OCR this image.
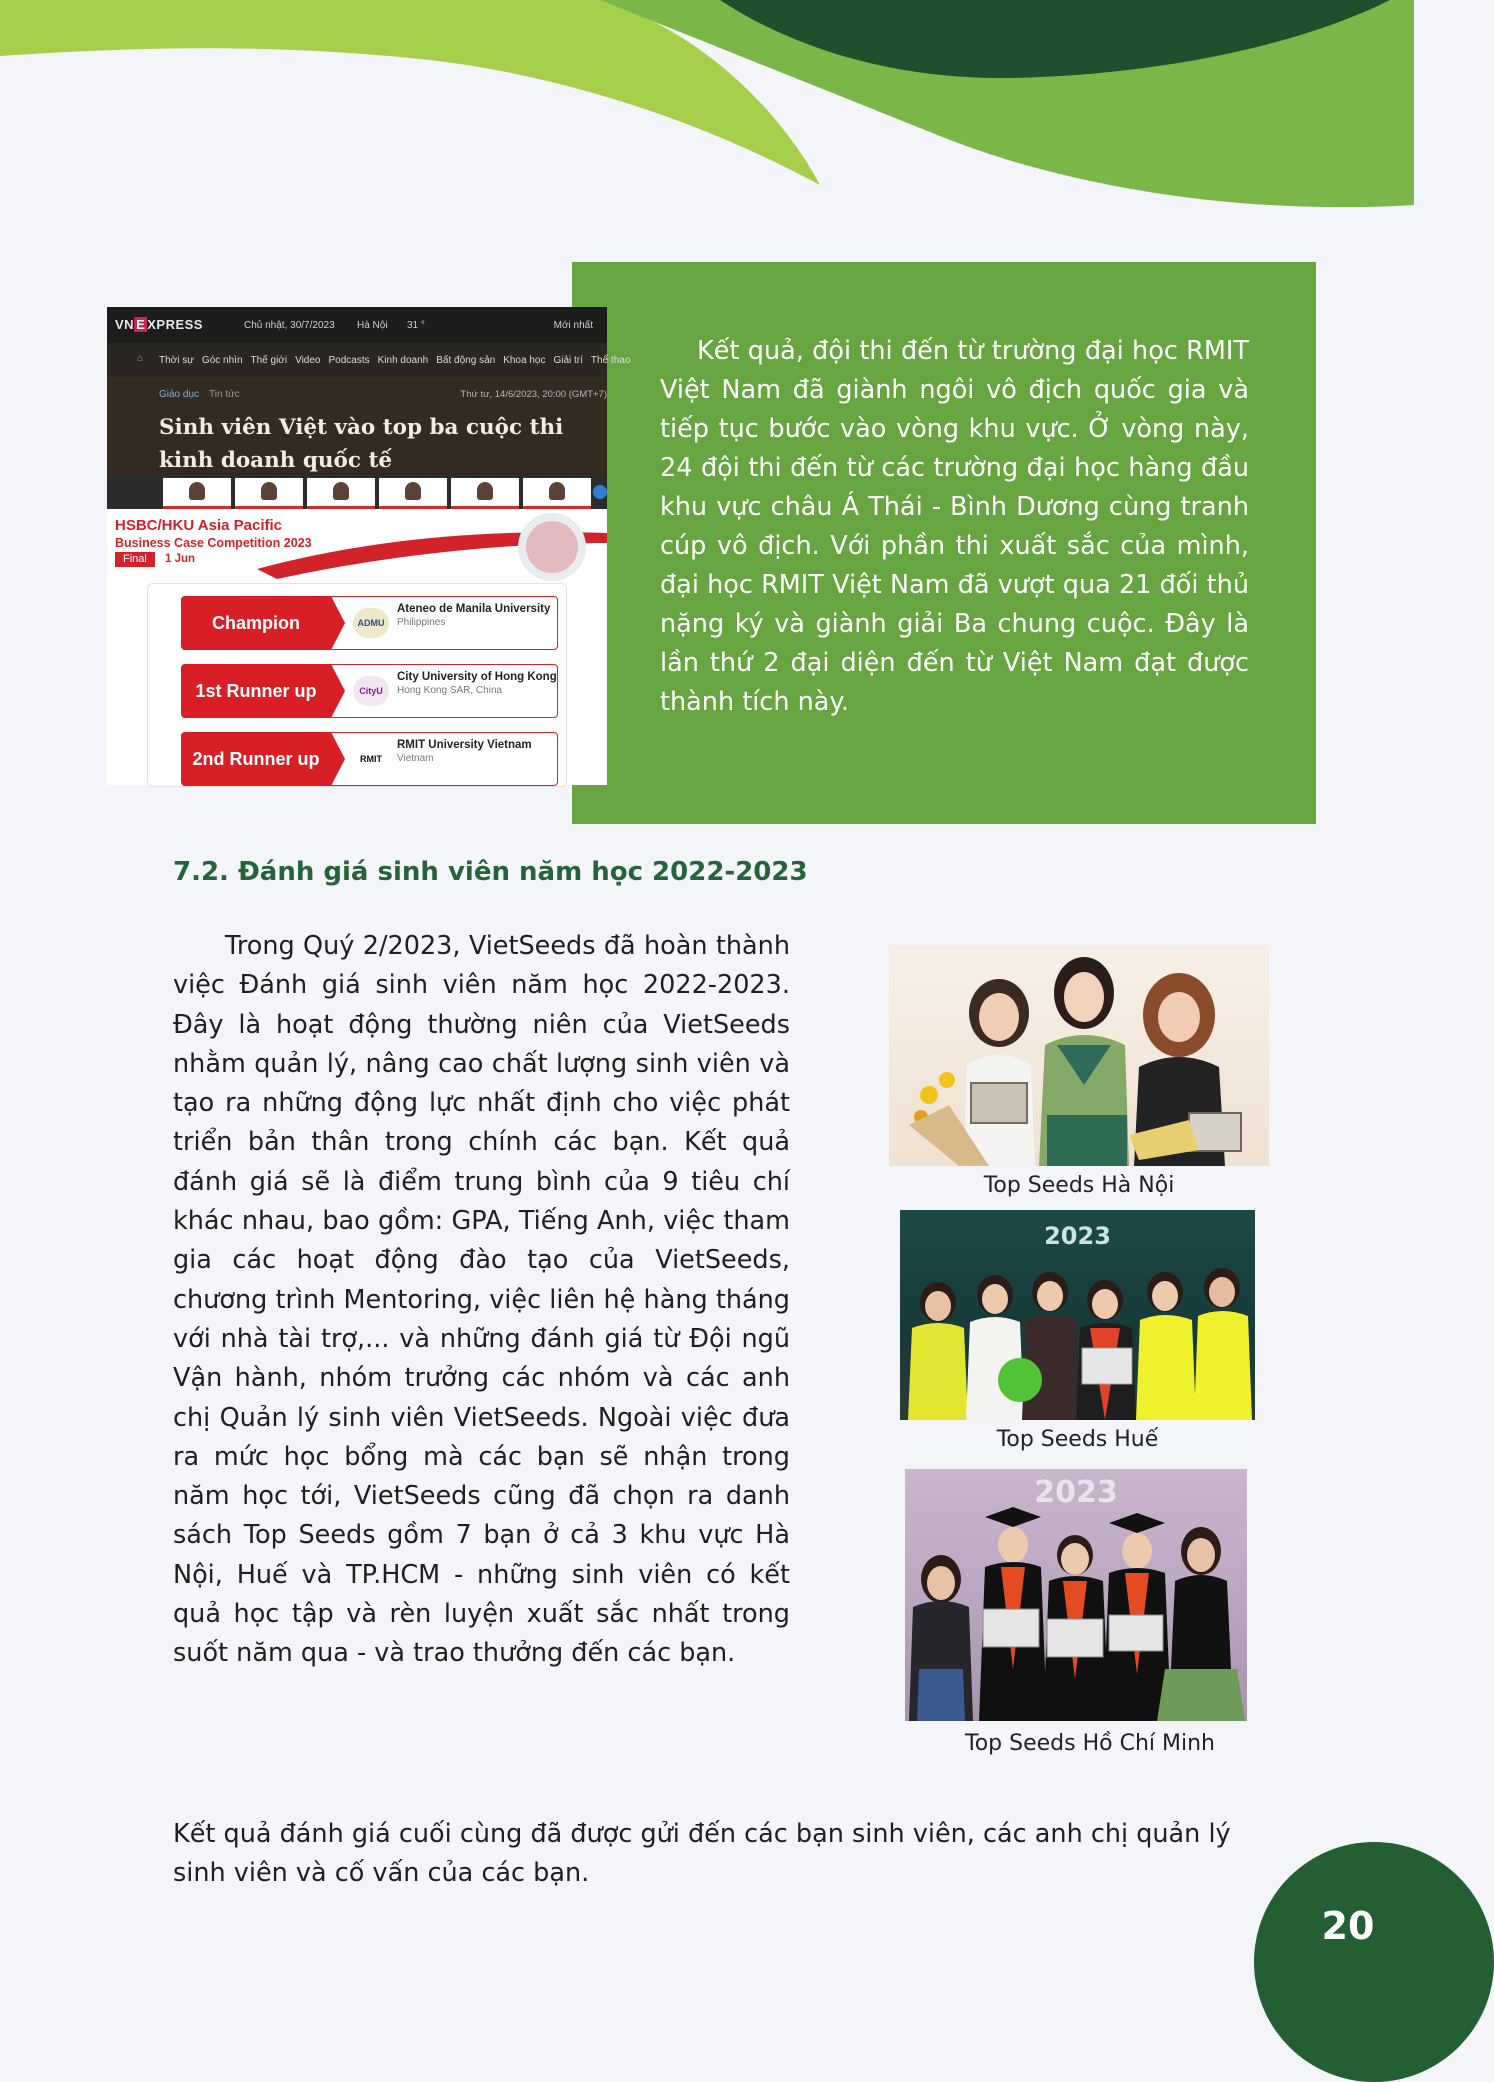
Kết quả, đội thi đến từ trường đại học RMIT Việt Nam đã giành ngôi vô địch quốc gia và tiếp tục bước vào vòng khu vực. Ở vòng này, 24 đội thi đến từ các trường đại học hàng đầu khu vực châu Á Thái - Bình Dương cùng tranh cúp vô địch. Với phần thi xuất sắc của mình, đại học RMIT Việt Nam đã vượt qua 21 đối thủ nặng ký và giành giải Ba chung cuộc. Đây là lần thứ 2 đại diện đến từ Việt Nam đạt được thành tích này.

VN E XPRESS	Chủ nhật, 30/7/2023 Hà Nội 31 °	Mới nhất
⌂ Thời sự Góc nhìn Thế giới Video Podcasts Kinh doanh Bất động sản Khoa học Giải trí Thể thao
Giáo dục Tin tức	Thứ tư, 14/6/2023, 20:00 (GMT+7)
Sinh viên Việt vào top ba cuộc thi kinh doanh quốc tế
HSBC/HKU Asia Pacific
Business Case Competition 2023
Final	1 Jun
Champion	ADMU
Ateneo de Manila University
Philippines
1st Runner up	CityU
City University of Hong Kong
Hong Kong SAR, China
2nd Runner up	RMIT
RMIT University Vietnam
Vietnam
7.2. Đánh giá sinh viên năm học 2022-2023

Trong Quý 2/2023, VietSeeds đã hoàn thành việc Đánh giá sinh viên năm học 2022-2023. Đây là hoạt động thường niên của VietSeeds nhằm quản lý, nâng cao chất lượng sinh viên và tạo ra những động lực nhất định cho việc phát triển bản thân trong chính các bạn. Kết quả đánh giá sẽ là điểm trung bình của 9 tiêu chí khác nhau, bao gồm: GPA, Tiếng Anh, việc tham gia các hoạt động đào tạo của VietSeeds, chương trình Mentoring, việc liên hệ hàng tháng với nhà tài trợ,... và những đánh giá từ Đội ngũ Vận hành, nhóm trưởng các nhóm và các anh chị Quản lý sinh viên VietSeeds. Ngoài việc đưa ra mức học bổng mà các bạn sẽ nhận trong năm học tới, VietSeeds cũng đã chọn ra danh sách Top Seeds gồm 7 bạn ở cả 3 khu vực Hà Nội, Huế và TP.HCM - những sinh viên có kết quả học tập và rèn luyện xuất sắc nhất trong suốt năm qua - và trao thưởng đến các bạn.

Top Seeds Hà Nội
2023
Top Seeds Huế
2023
Top Seeds Hồ Chí Minh

Kết quả đánh giá cuối cùng đã được gửi đến các bạn sinh viên, các anh chị quản lý sinh viên và cố vấn của các bạn.

20
